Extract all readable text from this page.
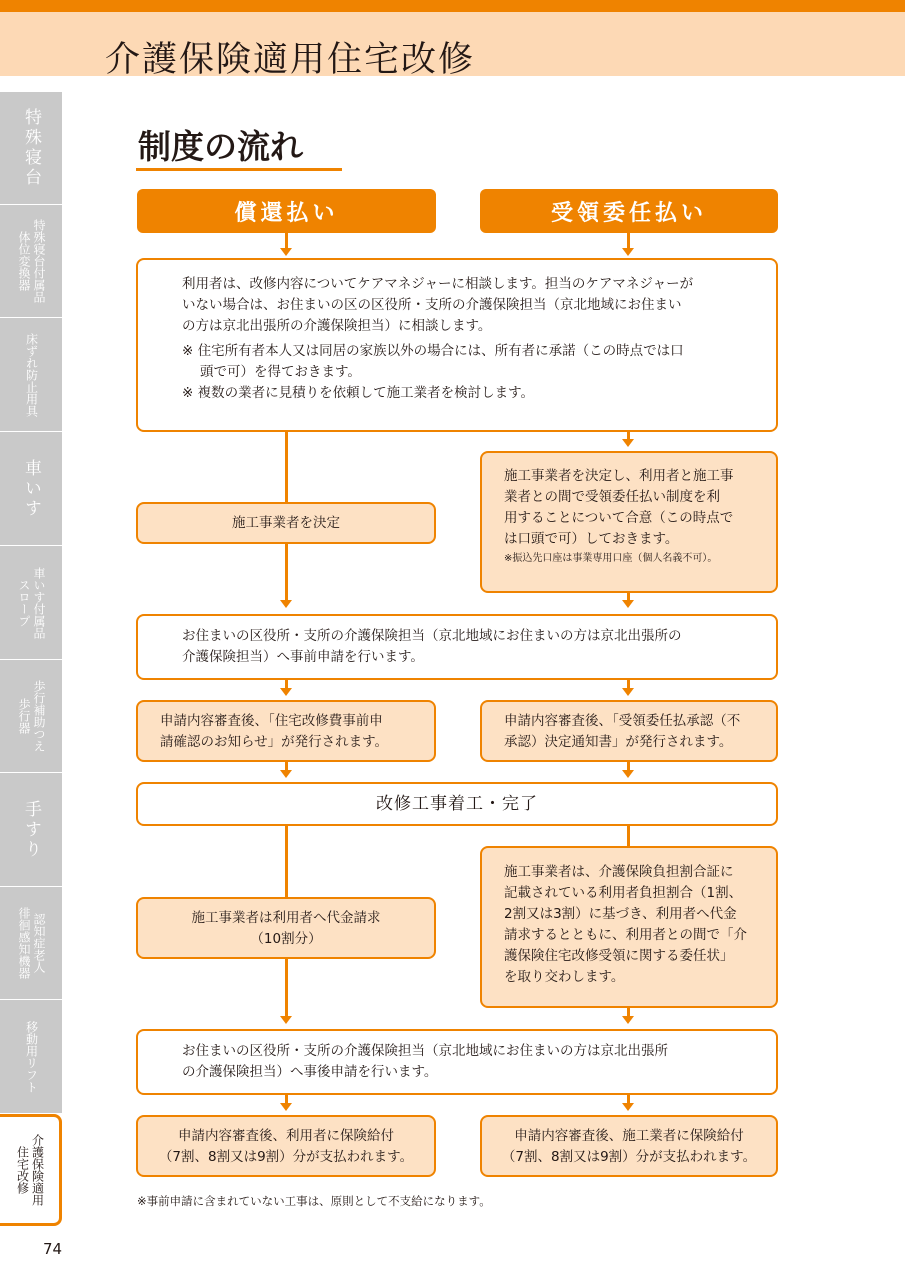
介護保険適用住宅改修
特殊寝台
特殊寝台付属品
体位変換器
床ずれ防止用具
車いす
車いす付属品
スロープ
歩行補助つえ
歩行器
手すり
認知症老人
徘徊感知機器
移動用リフト
介護保険適用
住宅改修
制度の流れ
償還払い	受領委任払い

利用者は、改修内容についてケアマネジャーに相談します。担当のケアマネジャーが

いない場合は、お住まいの区の区役所・支所の介護保険担当（京北地域にお住まい

の方は京北出張所の介護保険担当）に相談します。

※ 住宅所有者本人又は同居の家族以外の場合には、所有者に承諾（この時点では口

頭で可）を得ておきます。

※ 複数の業者に見積りを依頼して施工業者を検討します。

施工事業者を決定

施工事業者を決定し、利用者と施工事

業者との間で受領委任払い制度を利

用することについて合意（この時点で

は口頭で可）しておきます。

※振込先口座は事業専用口座（個人名義不可）。

お住まいの区役所・支所の介護保険担当（京北地域にお住まいの方は京北出張所の

介護保険担当）へ事前申請を行います。

申請内容審査後、「住宅改修費事前申

請確認のお知らせ」が発行されます。

申請内容審査後、「受領委任払承認（不

承認）決定通知書」が発行されます。

改修工事着工・完了

施工事業者は利用者へ代金請求

（10割分）

施工事業者は、介護保険負担割合証に

記載されている利用者負担割合（1割、

2割又は3割）に基づき、利用者へ代金

請求するとともに、利用者との間で「介

護保険住宅改修受領に関する委任状」

を取り交わします。

お住まいの区役所・支所の介護保険担当（京北地域にお住まいの方は京北出張所

の介護保険担当）へ事後申請を行います。

申請内容審査後、利用者に保険給付

（7割、8割又は9割）分が支払われます。

申請内容審査後、施工業者に保険給付

（7割、8割又は9割）分が支払われます。

※事前申請に含まれていない工事は、原則として不支給になります。
74
